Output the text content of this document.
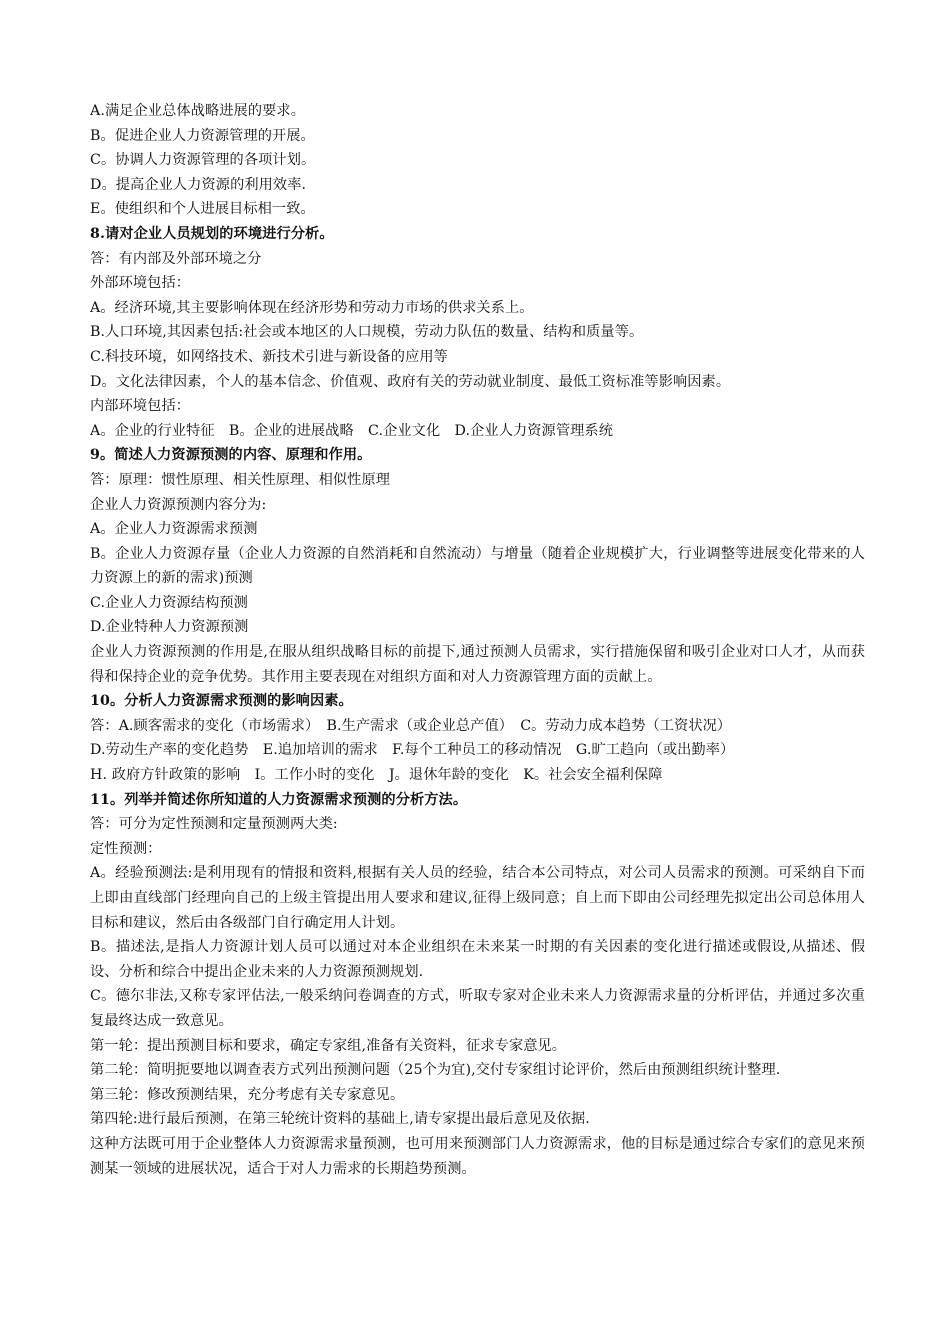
A.满足企业总体战略进展的要求。
B。促进企业人力资源管理的开展。
C。协调人力资源管理的各项计划。
D。提高企业人力资源的利用效率.
E。使组织和个人进展目标相一致。
8.请对企业人员规划的环境进行分析。
答：有内部及外部环境之分
外部环境包括：
A。经济环境,其主要影响体现在经济形势和劳动力市场的供求关系上。
B.人口环境,其因素包括:社会或本地区的人口规模，劳动力队伍的数量、结构和质量等。
C.科技环境，如网络技术、新技术引进与新设备的应用等
D。文化法律因素，个人的基本信念、价值观、政府有关的劳动就业制度、最低工资标准等影响因素。
内部环境包括：
A。企业的行业特征　B。企业的进展战略　C.企业文化　D.企业人力资源管理系统
9。简述人力资源预测的内容、原理和作用。
答：原理：惯性原理、相关性原理、相似性原理
企业人力资源预测内容分为:
A。企业人力资源需求预测
B。企业人力资源存量（企业人力资源的自然消耗和自然流动）与增量（随着企业规模扩大，行业调整等进展变化带来的人力资源上的新的需求)预测
C.企业人力资源结构预测
D.企业特种人力资源预测
企业人力资源预测的作用是,在服从组织战略目标的前提下,通过预测人员需求，实行措施保留和吸引企业对口人才，从而获得和保持企业的竞争优势。其作用主要表现在对组织方面和对人力资源管理方面的贡献上。
10。分析人力资源需求预测的影响因素。
答：A.顾客需求的变化（市场需求）　B.生产需求（或企业总产值）　C。劳动力成本趋势（工资状况）
D.劳动生产率的变化趋势　E.追加培训的需求　F.每个工种员工的移动情况　G.旷工趋向（或出勤率）
H. 政府方针政策的影响　I。工作小时的变化　J。退休年龄的变化　K。社会安全福利保障
11。列举并简述你所知道的人力资源需求预测的分析方法。
答：可分为定性预测和定量预测两大类:
定性预测：
A。经验预测法:是利用现有的情报和资料,根据有关人员的经验，结合本公司特点，对公司人员需求的预测。可采纳自下而上即由直线部门经理向自己的上级主管提出用人要求和建议,征得上级同意；自上而下即由公司经理先拟定出公司总体用人目标和建议，然后由各级部门自行确定用人计划。
B。描述法,是指人力资源计划人员可以通过对本企业组织在未来某一时期的有关因素的变化进行描述或假设,从描述、假设、分析和综合中提出企业未来的人力资源预测规划.
C。德尔非法,又称专家评估法,一般采纳问卷调查的方式，听取专家对企业未来人力资源需求量的分析评估，并通过多次重复最终达成一致意见。
第一轮：提出预测目标和要求，确定专家组,准备有关资料，征求专家意见。
第二轮：简明扼要地以调查表方式列出预测问题（25个为宜),交付专家组讨论评价，然后由预测组织统计整理.
第三轮：修改预测结果，充分考虑有关专家意见。
第四轮:进行最后预测，在第三轮统计资料的基础上,请专家提出最后意见及依据.
这种方法既可用于企业整体人力资源需求量预测，也可用来预测部门人力资源需求，他的目标是通过综合专家们的意见来预测某一领域的进展状况，适合于对人力需求的长期趋势预测。
